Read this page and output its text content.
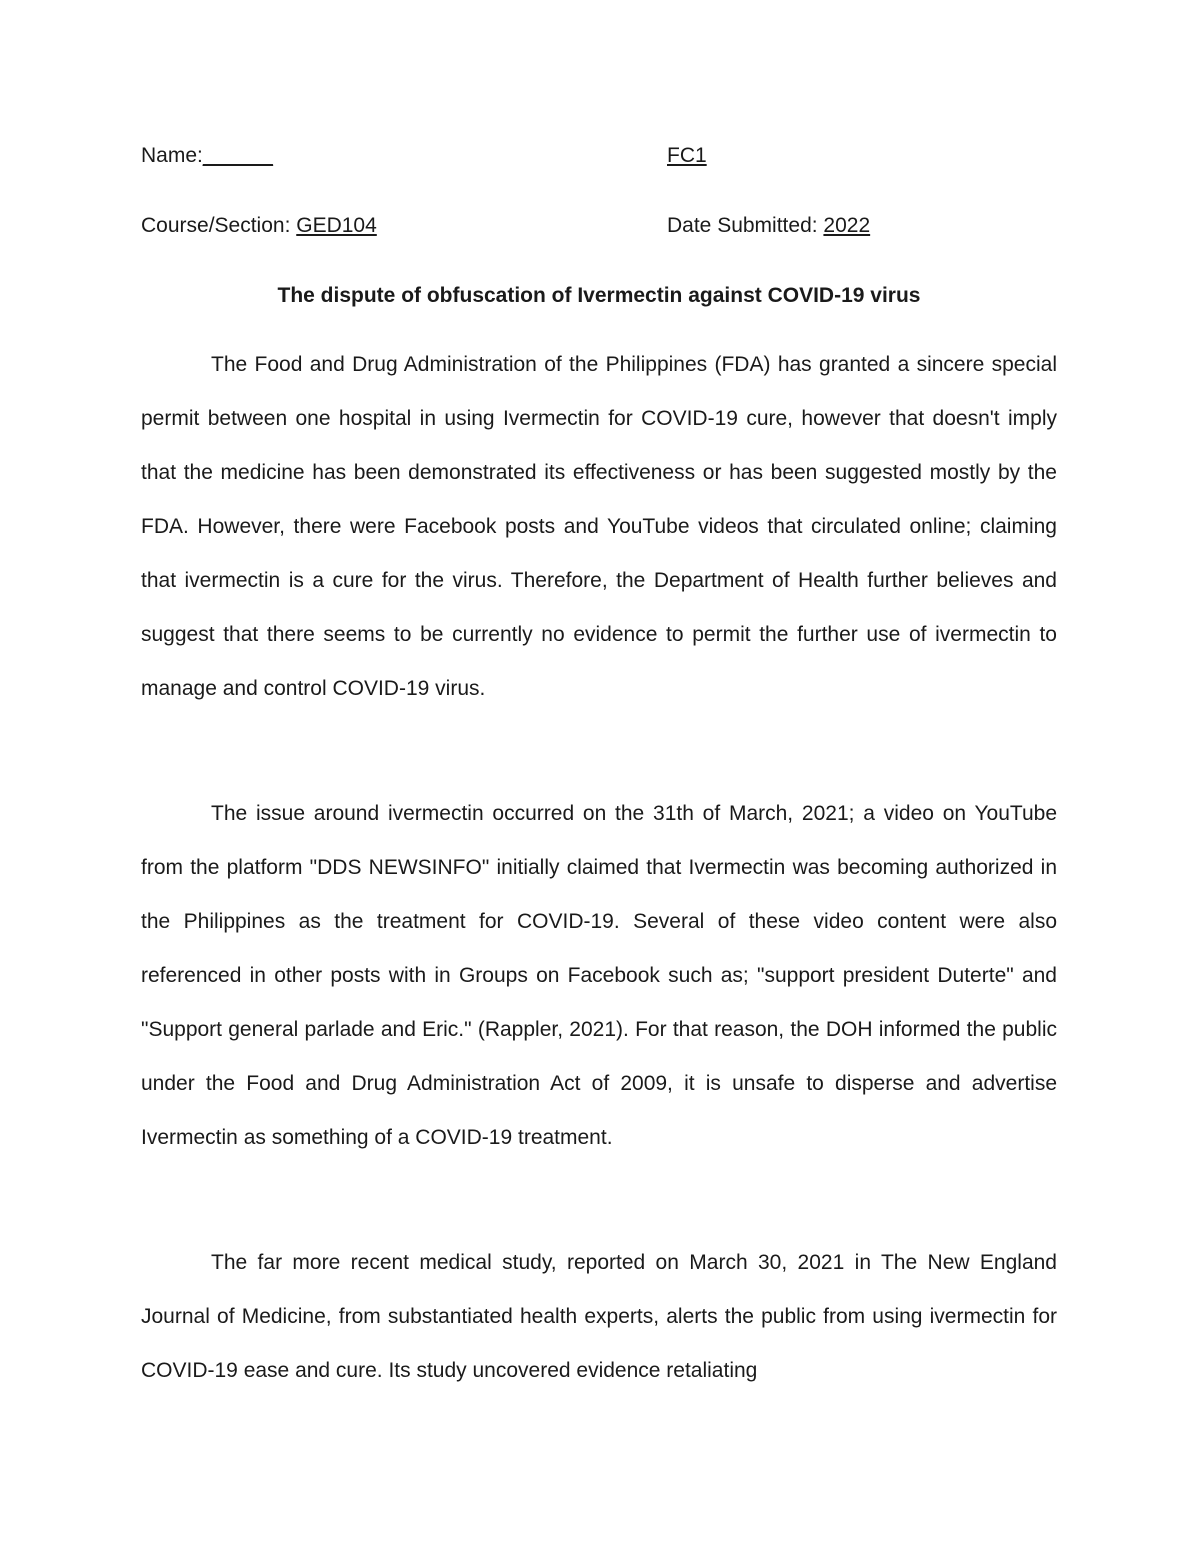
Name:______	FC1
Course/Section: GED104	Date Submitted: 2022
The dispute of obfuscation of Ivermectin against COVID-19 virus

The Food and Drug Administration of the Philippines (FDA) has granted a sincere special permit between one hospital in using Ivermectin for COVID-19 cure, however that doesn't imply that the medicine has been demonstrated its effectiveness or has been suggested mostly by the FDA. However, there were Facebook posts and YouTube videos that circulated online; claiming that ivermectin is a cure for the virus. Therefore, the Department of Health further believes and suggest that there seems to be currently no evidence to permit the further use of ivermectin to manage and control COVID-19 virus.

The issue around ivermectin occurred on the 31th of March, 2021; a video on YouTube from the platform "DDS NEWSINFO" initially claimed that Ivermectin was becoming authorized in the Philippines as the treatment for COVID-19. Several of these video content were also referenced in other posts with in Groups on Facebook such as; "support president Duterte" and "Support general parlade and Eric." (Rappler, 2021). For that reason, the DOH informed the public under the Food and Drug Administration Act of 2009, it is unsafe to disperse and advertise Ivermectin as something of a COVID-19 treatment.

The far more recent medical study, reported on March 30, 2021 in The New England Journal of Medicine, from substantiated health experts, alerts the public from using ivermectin for COVID-19 ease and cure. Its study uncovered evidence retaliating
